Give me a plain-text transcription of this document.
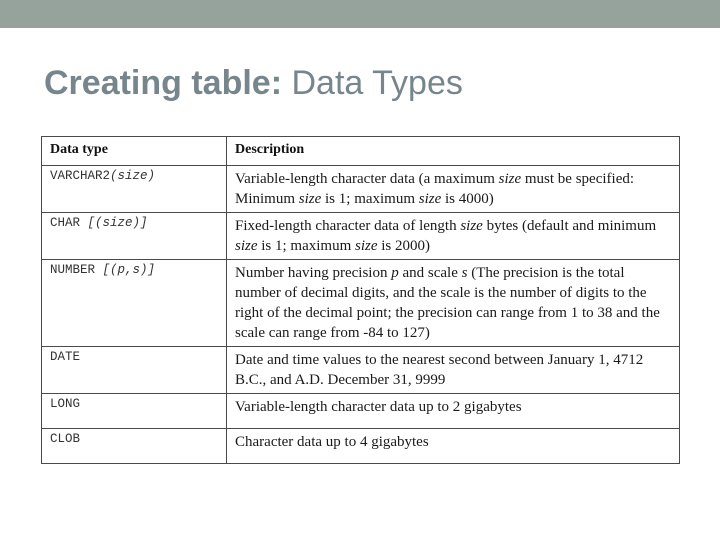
Creating table: Data Types
Data type	Description
VARCHAR2(size)	Variable-length character data (a maximum size must be specified: Minimum size is 1; maximum size is 4000)
CHAR [(size)]	Fixed-length character data of length size bytes (default and minimum size is 1; maximum size is 2000)
NUMBER [(p,s)]	Number having precision p and scale s (The precision is the total number of decimal digits, and the scale is the number of digits to the right of the decimal point; the precision can range from 1 to 38 and the scale can range from -84 to 127)
DATE	Date and time values to the nearest second between January 1, 4712 B.C., and A.D. December 31, 9999
LONG	Variable-length character data up to 2 gigabytes
CLOB	Character data up to 4 gigabytes
